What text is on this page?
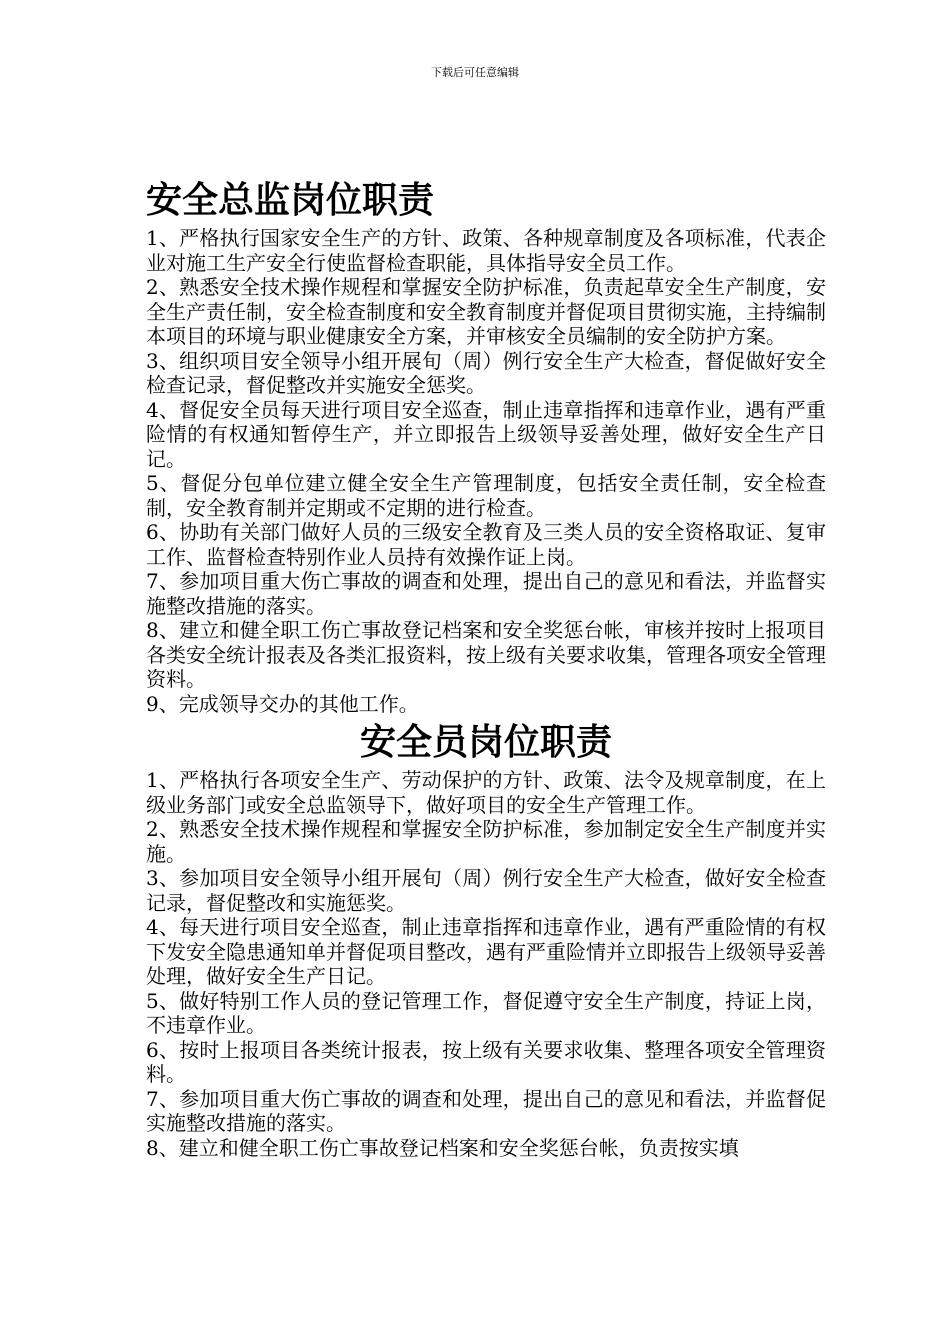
下载后可任意编辑
安全总监岗位职责

1、严格执行国家安全生产的方针、政策、各种规章制度及各项标准，代表企业对施工生产安全行使监督检查职能，具体指导安全员工作。

2、熟悉安全技术操作规程和掌握安全防护标准，负责起草安全生产制度，安全生产责任制，安全检查制度和安全教育制度并督促项目贯彻实施，主持编制本项目的环境与职业健康安全方案，并审核安全员编制的安全防护方案。

3、组织项目安全领导小组开展旬（周）例行安全生产大检查，督促做好安全检查记录，督促整改并实施安全惩奖。

4、督促安全员每天进行项目安全巡查，制止违章指挥和违章作业，遇有严重险情的有权通知暂停生产，并立即报告上级领导妥善处理，做好安全生产日记。

5、督促分包单位建立健全安全生产管理制度，包括安全责任制，安全检查制，安全教育制并定期或不定期的进行检查。

6、协助有关部门做好人员的三级安全教育及三类人员的安全资格取证、复审工作、监督检查特别作业人员持有效操作证上岗。

7、参加项目重大伤亡事故的调查和处理，提出自己的意见和看法，并监督实施整改措施的落实。

8、建立和健全职工伤亡事故登记档案和安全奖惩台帐，审核并按时上报项目各类安全统计报表及各类汇报资料，按上级有关要求收集，管理各项安全管理资料。

9、完成领导交办的其他工作。

安全员岗位职责

1、严格执行各项安全生产、劳动保护的方针、政策、法令及规章制度，在上级业务部门或安全总监领导下，做好项目的安全生产管理工作。

2、熟悉安全技术操作规程和掌握安全防护标准，参加制定安全生产制度并实施。

3、参加项目安全领导小组开展旬（周）例行安全生产大检查，做好安全检查记录，督促整改和实施惩奖。

4、每天进行项目安全巡查，制止违章指挥和违章作业，遇有严重险情的有权下发安全隐患通知单并督促项目整改，遇有严重险情并立即报告上级领导妥善处理，做好安全生产日记。

5、做好特别工作人员的登记管理工作，督促遵守安全生产制度，持证上岗，不违章作业。

6、按时上报项目各类统计报表，按上级有关要求收集、整理各项安全管理资料。

7、参加项目重大伤亡事故的调查和处理，提出自己的意见和看法，并监督促实施整改措施的落实。

8、建立和健全职工伤亡事故登记档案和安全奖惩台帐，负责按实填
